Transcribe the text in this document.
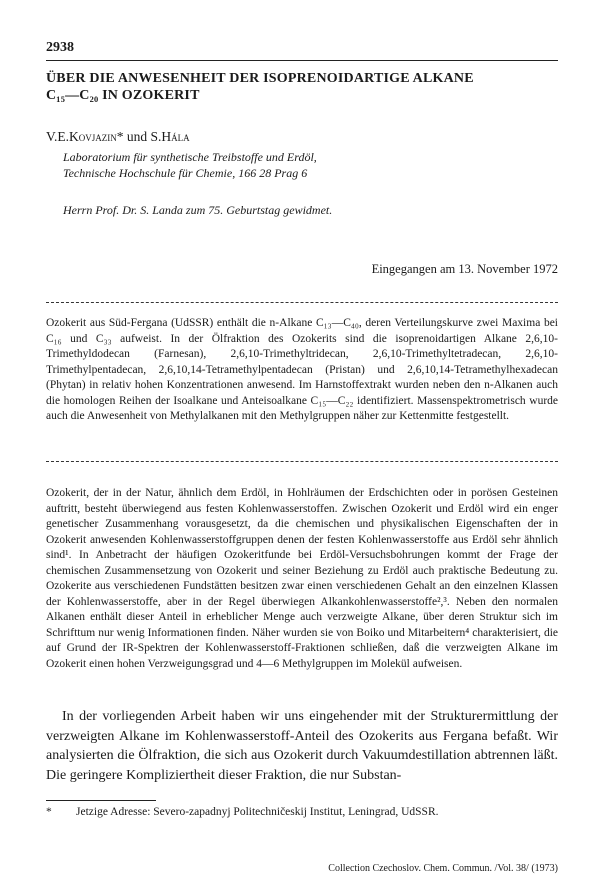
2938
ÜBER DIE ANWESENHEIT DER ISOPRENOIDARTIGE ALKANE
C₁₅—C₂₀ IN OZOKERIT
V.E.Kovjazin* und S.Hála
Laboratorium für synthetische Treibstoffe und Erdöl,
Technische Hochschule für Chemie, 166 28 Prag 6
Herrn Prof. Dr. S. Landa zum 75. Geburtstag gewidmet.
Eingegangen am 13. November 1972
Ozokerit aus Süd-Fergana (UdSSR) enthält die n-Alkane C₁₃—C₄₀, deren Verteilungskurve zwei Maxima bei C₁₆ und C₃₃ aufweist. In der Ölfraktion des Ozokerits sind die isoprenoidartigen Alkane 2,6,10-Trimethyldodecan (Farnesan), 2,6,10-Trimethyltridecan, 2,6,10-Trimethyltetradecan, 2,6,10-Trimethylpentadecan, 2,6,10,14-Tetramethylpentadecan (Pristan) und 2,6,10,14-Tetramethylhexadecan (Phytan) in relativ hohen Konzentrationen anwesend. Im Harnstoffextrakt wurden neben den n-Alkanen auch die homologen Reihen der Isoalkane und Anteisoalkane C₁₅—C₂₂ identifiziert. Massenspektrometrisch wurde auch die Anwesenheit von Methylalkanen mit den Methylgruppen näher zur Kettenmitte festgestellt.
Ozokerit, der in der Natur, ähnlich dem Erdöl, in Hohlräumen der Erdschichten oder in porösen Gesteinen auftritt, besteht überwiegend aus festen Kohlenwasserstoffen. Zwischen Ozokerit und Erdöl wird ein enger genetischer Zusammenhang vorausgesetzt, da die chemischen und physikalischen Eigenschaften der in Ozokerit anwesenden Kohlenwasserstoffgruppen denen der festen Kohlenwasserstoffe aus Erdöl sehr ähnlich sind¹. In Anbetracht der häufigen Ozokeritfunde bei Erdöl-Versuchsbohrungen kommt der Frage der chemischen Zusammensetzung von Ozokerit und seiner Beziehung zu Erdöl auch praktische Bedeutung zu. Ozokerite aus verschiedenen Fundstätten besitzen zwar einen verschiedenen Gehalt an den einzelnen Klassen der Kohlenwasserstoffe, aber in der Regel überwiegen Alkankohlenwasserstoffe²,³. Neben den normalen Alkanen enthält dieser Anteil in erheblicher Menge auch verzweigte Alkane, über deren Struktur sich im Schrifttum nur wenig Informationen finden. Näher wurden sie von Boiko und Mitarbeitern⁴ charakterisiert, die auf Grund der IR-Spektren der Kohlenwasserstoff-Fraktionen schließen, daß die verzweigten Alkane im Ozokerit einen hohen Verzweigungsgrad und 4—6 Methylgruppen im Molekül aufweisen.
In der vorliegenden Arbeit haben wir uns eingehender mit der Strukturermittlung der verzweigten Alkane im Kohlenwasserstoff-Anteil des Ozokerits aus Fergana befaßt. Wir analysierten die Ölfraktion, die sich aus Ozokerit durch Vakuumdestillation abtrennen läßt. Die geringere Kompliziertheit dieser Fraktion, die nur Substan-
* Jetzige Adresse: Severo-zapadnyj Politechničeskij Institut, Leningrad, UdSSR.
Collection Czechoslov. Chem. Commun. /Vol. 38/ (1973)
